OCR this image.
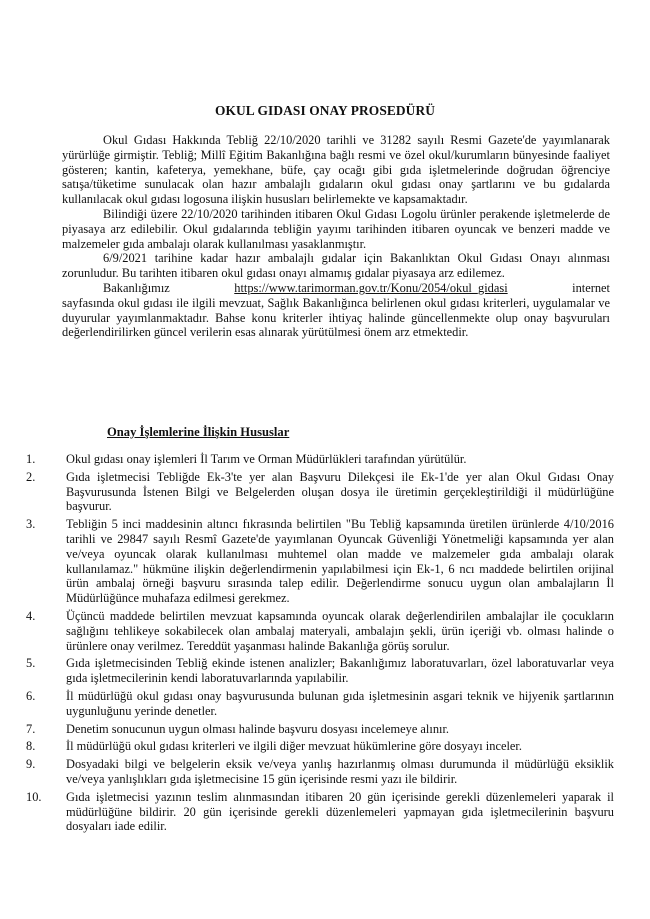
OKUL GIDASI ONAY PROSEDÜRÜ

Okul Gıdası Hakkında Tebliğ 22/10/2020 tarihli ve 31282 sayılı Resmi Gazete'de yayımlanarak yürürlüğe girmiştir. Tebliğ; Millî Eğitim Bakanlığına bağlı resmi ve özel okul/kurumların bünyesinde faaliyet gösteren; kantin, kafeterya, yemekhane, büfe, çay ocağı gibi gıda işletmelerinde doğrudan öğrenciye satışa/tüketime sunulacak olan hazır ambalajlı gıdaların okul gıdası onay şartlarını ve bu gıdalarda kullanılacak okul gıdası logosuna ilişkin hususları belirlemekte ve kapsamaktadır.

Bilindiği üzere 22/10/2020 tarihinden itibaren Okul Gıdası Logolu ürünler perakende işletmelerde de piyasaya arz edilebilir. Okul gıdalarında tebliğin yayımı tarihinden itibaren oyuncak ve benzeri madde ve malzemeler gıda ambalajı olarak kullanılması yasaklanmıştır.

6/9/2021 tarihine kadar hazır ambalajlı gıdalar için Bakanlıktan Okul Gıdası Onayı alınması zorunludur. Bu tarihten itibaren okul gıdası onayı almamış gıdalar piyasaya arz edilemez.

Bakanlığımız	https://www.tarimorman.gov.tr/Konu/2054/okul_gidasi	internet

sayfasında okul gıdası ile ilgili mevzuat, Sağlık Bakanlığınca belirlenen okul gıdası kriterleri, uygulamalar ve duyurular yayımlanmaktadır. Bahse konu kriterler ihtiyaç halinde güncellenmekte olup onay başvuruları değerlendirilirken güncel verilerin esas alınarak yürütülmesi önem arz etmektedir.

Onay İşlemlerine İlişkin Hususlar
1.	Okul gıdası onay işlemleri İl Tarım ve Orman Müdürlükleri tarafından yürütülür.
2.	Gıda işletmecisi Tebliğde Ek-3'te yer alan Başvuru Dilekçesi ile Ek-1'de yer alan Okul Gıdası Onay Başvurusunda İstenen Bilgi ve Belgelerden oluşan dosya ile üretimin gerçekleştirildiği il müdürlüğüne başvurur.
3.	Tebliğin 5 inci maddesinin altıncı fıkrasında belirtilen "Bu Tebliğ kapsamında üretilen ürünlerde 4/10/2016 tarihli ve 29847 sayılı Resmî Gazete'de yayımlanan Oyuncak Güvenliği Yönetmeliği kapsamında yer alan ve/veya oyuncak olarak kullanılması muhtemel olan madde ve malzemeler gıda ambalajı olarak kullanılamaz." hükmüne ilişkin değerlendirmenin yapılabilmesi için Ek-1, 6 ncı maddede belirtilen orijinal ürün ambalaj örneği başvuru sırasında talep edilir. Değerlendirme sonucu uygun olan ambalajların İl Müdürlüğünce muhafaza edilmesi gerekmez.
4.	Üçüncü maddede belirtilen mevzuat kapsamında oyuncak olarak değerlendirilen ambalajlar ile çocukların sağlığını tehlikeye sokabilecek olan ambalaj materyali, ambalajın şekli, ürün içeriği vb. olması halinde o ürünlere onay verilmez. Tereddüt yaşanması halinde Bakanlığa görüş sorulur.
5.	Gıda işletmecisinden Tebliğ ekinde istenen analizler; Bakanlığımız laboratuvarları, özel laboratuvarlar veya gıda işletmecilerinin kendi laboratuvarlarında yapılabilir.
6.	İl müdürlüğü okul gıdası onay başvurusunda bulunan gıda işletmesinin asgari teknik ve hijyenik şartlarının uygunluğunu yerinde denetler.
7.	Denetim sonucunun uygun olması halinde başvuru dosyası incelemeye alınır.
8.	İl müdürlüğü okul gıdası kriterleri ve ilgili diğer mevzuat hükümlerine göre dosyayı inceler.
9.	Dosyadaki bilgi ve belgelerin eksik ve/veya yanlış hazırlanmış olması durumunda il müdürlüğü eksiklik ve/veya yanlışlıkları gıda işletmecisine 15 gün içerisinde resmi yazı ile bildirir.
10.	Gıda işletmecisi yazının teslim alınmasından itibaren 20 gün içerisinde gerekli düzenlemeleri yaparak il müdürlüğüne bildirir. 20 gün içerisinde gerekli düzenlemeleri yapmayan gıda işletmecilerinin başvuru dosyaları iade edilir.
